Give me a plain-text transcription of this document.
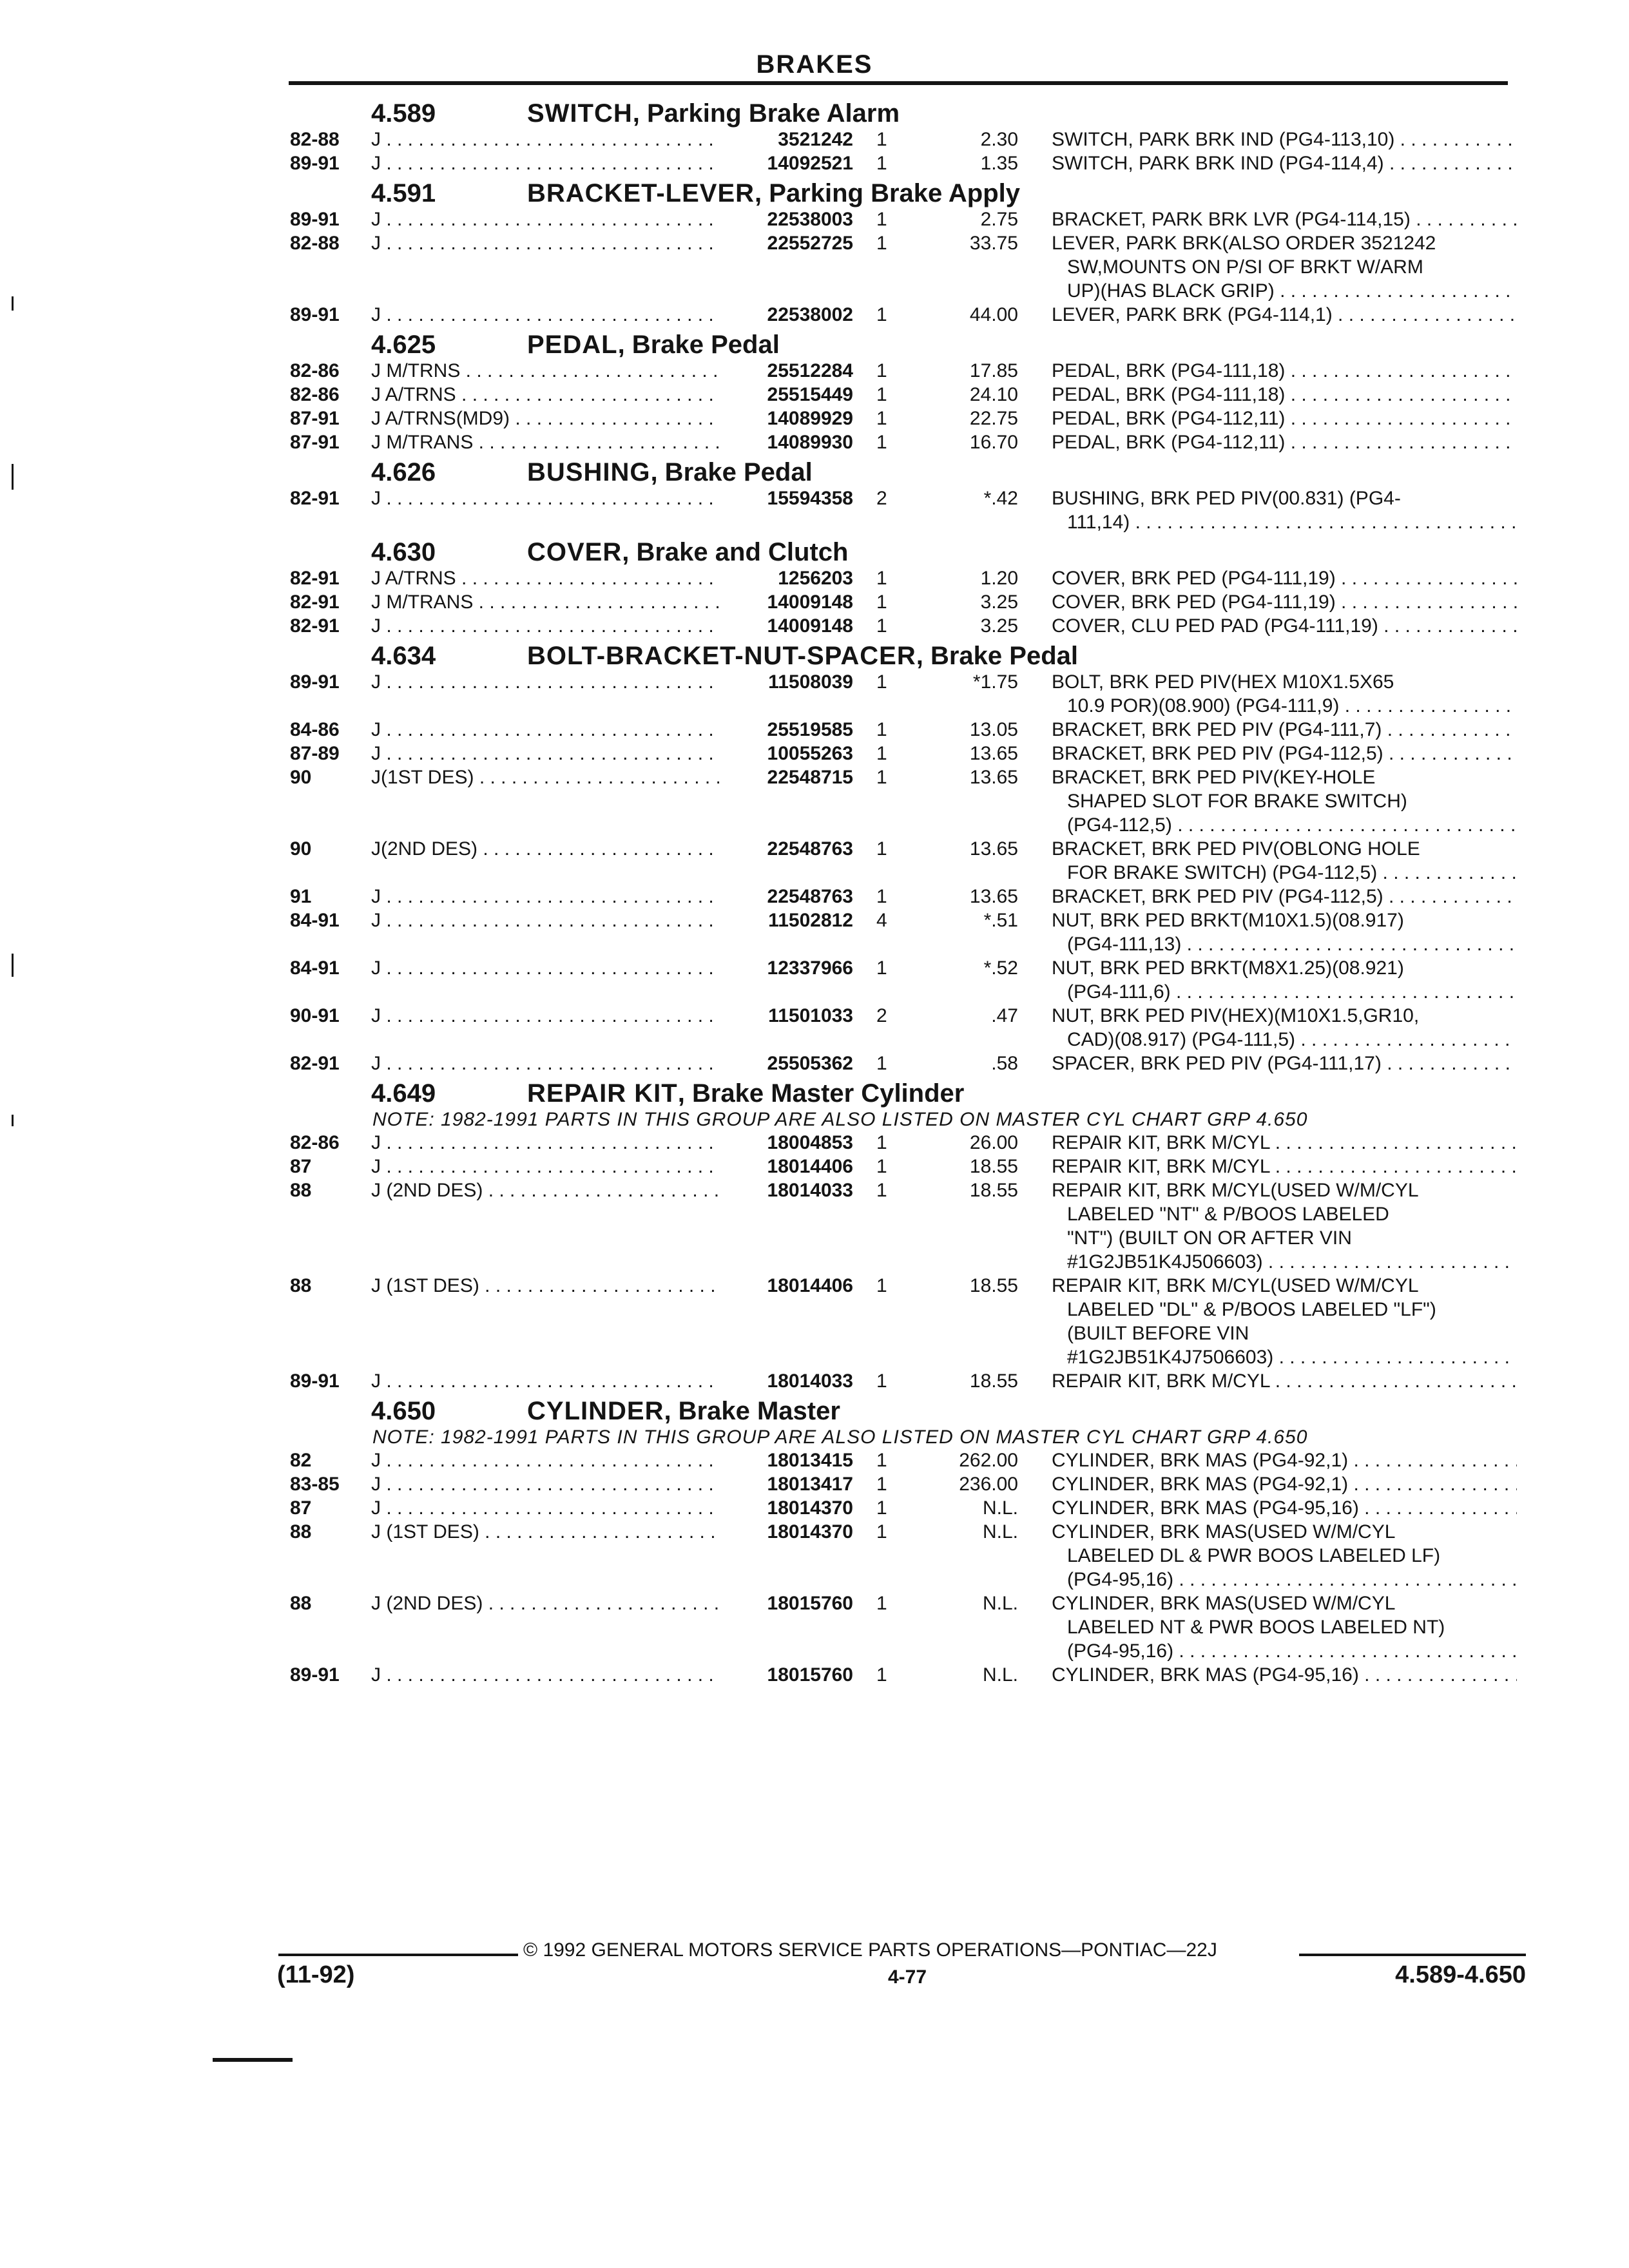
BRAKES
4.589	SWITCH, Parking Brake Alarm
82-88 J . . .	3521242 1	2.30 SWITCH, PARK BRK IND (PG4-113,10) . . .
89-91 J . . .	14092521 1	1.35 SWITCH, PARK BRK IND (PG4-114,4) . . .
4.591	BRACKET-LEVER, Parking Brake Apply
89-91 J . . .	22538003 1	2.75 BRACKET, PARK BRK LVR (PG4-114,15) . . .
82-88 J . . .	22552725 1	33.75 LEVER, PARK BRK(ALSO ORDER 3521242
SW,MOUNTS ON P/SI OF BRKT W/ARM
UP)(HAS BLACK GRIP) . . .
89-91 J . . .	22538002 1	44.00 LEVER, PARK BRK (PG4-114,1) . . .
4.625	PEDAL, Brake Pedal
82-86 J M/TRNS . . .	25512284 1	17.85 PEDAL, BRK (PG4-111,18) . . .
82-86 J A/TRNS . . .	25515449 1	24.10 PEDAL, BRK (PG4-111,18) . . .
87-91 J A/TRNS(MD9) . . .	14089929 1	22.75 PEDAL, BRK (PG4-112,11) . . .
87-91 J M/TRANS . . .	14089930 1	16.70 PEDAL, BRK (PG4-112,11) . . .
4.626	BUSHING, Brake Pedal
82-91 J . . .	15594358 2	*.42 BUSHING, BRK PED PIV(00.831) (PG4-
111,14) . . .
4.630	COVER, Brake and Clutch
82-91 J A/TRNS . . .	1256203 1	1.20 COVER, BRK PED (PG4-111,19) . . .
82-91 J M/TRANS . . .	14009148 1	3.25 COVER, BRK PED (PG4-111,19) . . .
82-91 J . . .	14009148 1	3.25 COVER, CLU PED PAD (PG4-111,19) . . .
4.634	BOLT-BRACKET-NUT-SPACER, Brake Pedal
89-91 J . . .	11508039 1	*1.75 BOLT, BRK PED PIV(HEX M10X1.5X65
10.9 POR)(08.900) (PG4-111,9) . . .
84-86 J . . .	25519585 1	13.05 BRACKET, BRK PED PIV (PG4-111,7) . . .
87-89 J . . .	10055263 1	13.65 BRACKET, BRK PED PIV (PG4-112,5) . . .
90	J(1ST DES) . . .	22548715 1	13.65 BRACKET, BRK PED PIV(KEY-HOLE
SHAPED SLOT FOR BRAKE SWITCH)
(PG4-112,5) . . .
90	J(2ND DES) . . .	22548763 1	13.65 BRACKET, BRK PED PIV(OBLONG HOLE
FOR BRAKE SWITCH) (PG4-112,5) . . .
91	J . . .	22548763 1	13.65 BRACKET, BRK PED PIV (PG4-112,5) . . .
84-91 J . . .	11502812 4	*.51 NUT, BRK PED BRKT(M10X1.5)(08.917)
(PG4-111,13) . . .
84-91 J . . .	12337966 1	*.52 NUT, BRK PED BRKT(M8X1.25)(08.921)
(PG4-111,6) . . .
90-91 J . . .	11501033 2	.47 NUT, BRK PED PIV(HEX)(M10X1.5,GR10,
CAD)(08.917) (PG4-111,5) . . .
82-91 J . . .	25505362 1	.58 SPACER, BRK PED PIV (PG4-111,17) . . .
4.649	REPAIR KIT, Brake Master Cylinder
NOTE: 1982-1991 PARTS IN THIS GROUP ARE ALSO LISTED ON MASTER CYL CHART GRP 4.650
82-86 J . . .	18004853 1	26.00 REPAIR KIT, BRK M/CYL . . .
87	J . . .	18014406 1	18.55 REPAIR KIT, BRK M/CYL . . .
88	J (2ND DES) . . .	18014033 1	18.55 REPAIR KIT, BRK M/CYL(USED W/M/CYL
LABELED "NT" & P/BOOS LABELED
"NT") (BUILT ON OR AFTER VIN
#1G2JB51K4J506603) . . .
88	J (1ST DES) . . .	18014406 1	18.55 REPAIR KIT, BRK M/CYL(USED W/M/CYL
LABELED "DL" & P/BOOS LABELED "LF")
(BUILT BEFORE VIN
#1G2JB51K4J7506603) . . .
89-91 J . . .	18014033 1	18.55 REPAIR KIT, BRK M/CYL . . .
4.650	CYLINDER, Brake Master
NOTE: 1982-1991 PARTS IN THIS GROUP ARE ALSO LISTED ON MASTER CYL CHART GRP 4.650
82	J . . .	18013415 1	262.00 CYLINDER, BRK MAS (PG4-92,1) . . .
83-85 J . . .	18013417 1	236.00 CYLINDER, BRK MAS (PG4-92,1) . . .
87	J . . .	18014370 1	N.L. CYLINDER, BRK MAS (PG4-95,16) . . .
88	J (1ST DES) . . .	18014370 1	N.L. CYLINDER, BRK MAS(USED W/M/CYL
LABELED DL & PWR BOOS LABELED LF)
(PG4-95,16) . . .
88	J (2ND DES) . . .	18015760 1	N.L. CYLINDER, BRK MAS(USED W/M/CYL
LABELED NT & PWR BOOS LABELED NT)
(PG4-95,16) . . .
89-91 J . . .	18015760 1	N.L. CYLINDER, BRK MAS (PG4-95,16) . . .
© 1992 GENERAL MOTORS SERVICE PARTS OPERATIONS—PONTIAC—22J
(11-92)	4-77	4.589-4.650
